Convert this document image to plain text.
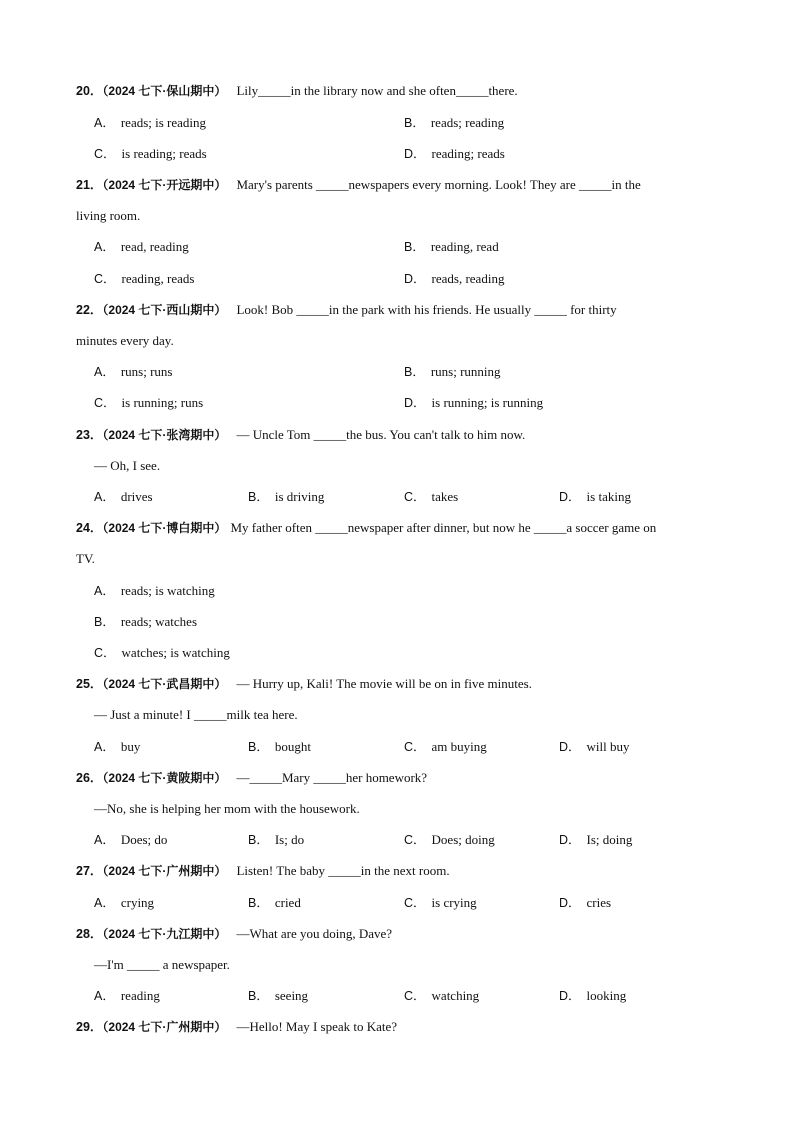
20．（2024 七下·保山期中） Lily_____in the library now and she often_____there.
A． reads; is reading	B． reads; reading
C． is reading; reads	D． reading; reads
21．（2024 七下·开远期中） Mary's parents _____newspapers every morning. Look! They are _____in the
living room.
A． read, reading	B． reading, read
C． reading, reads	D． reads, reading
22．（2024 七下·西山期中） Look! Bob _____in the park with his friends. He usually _____ for thirty
minutes every day.
A． runs; runs	B． runs; running
C． is running; runs	D． is running; is running
23．（2024 七下·张湾期中） — Uncle Tom _____the bus. You can't talk to him now.
— Oh, I see.
A． drives	B． is driving	C． takes	D． is taking
24．（2024 七下·博白期中） My father often _____newspaper after dinner, but now he _____a soccer game on
TV.
A． reads; is watching
B． reads; watches
C． watches; is watching
25．（2024 七下·武昌期中） — Hurry up, Kali! The movie will be on in five minutes.
— Just a minute! I _____milk tea here.
A． buy	B． bought	C． am buying	D． will buy
26．（2024 七下·黄陂期中） —_____Mary _____her homework?
—No, she is helping her mom with the housework.
A． Does; do	B． Is; do	C． Does; doing	D． Is; doing
27．（2024 七下·广州期中） Listen! The baby _____in the next room.
A． crying	B． cried	C． is crying	D． cries
28．（2024 七下·九江期中） —What are you doing, Dave?
—I'm _____ a newspaper.
A． reading	B． seeing	C． watching	D． looking
29．（2024 七下·广州期中） —Hello! May I speak to Kate?
